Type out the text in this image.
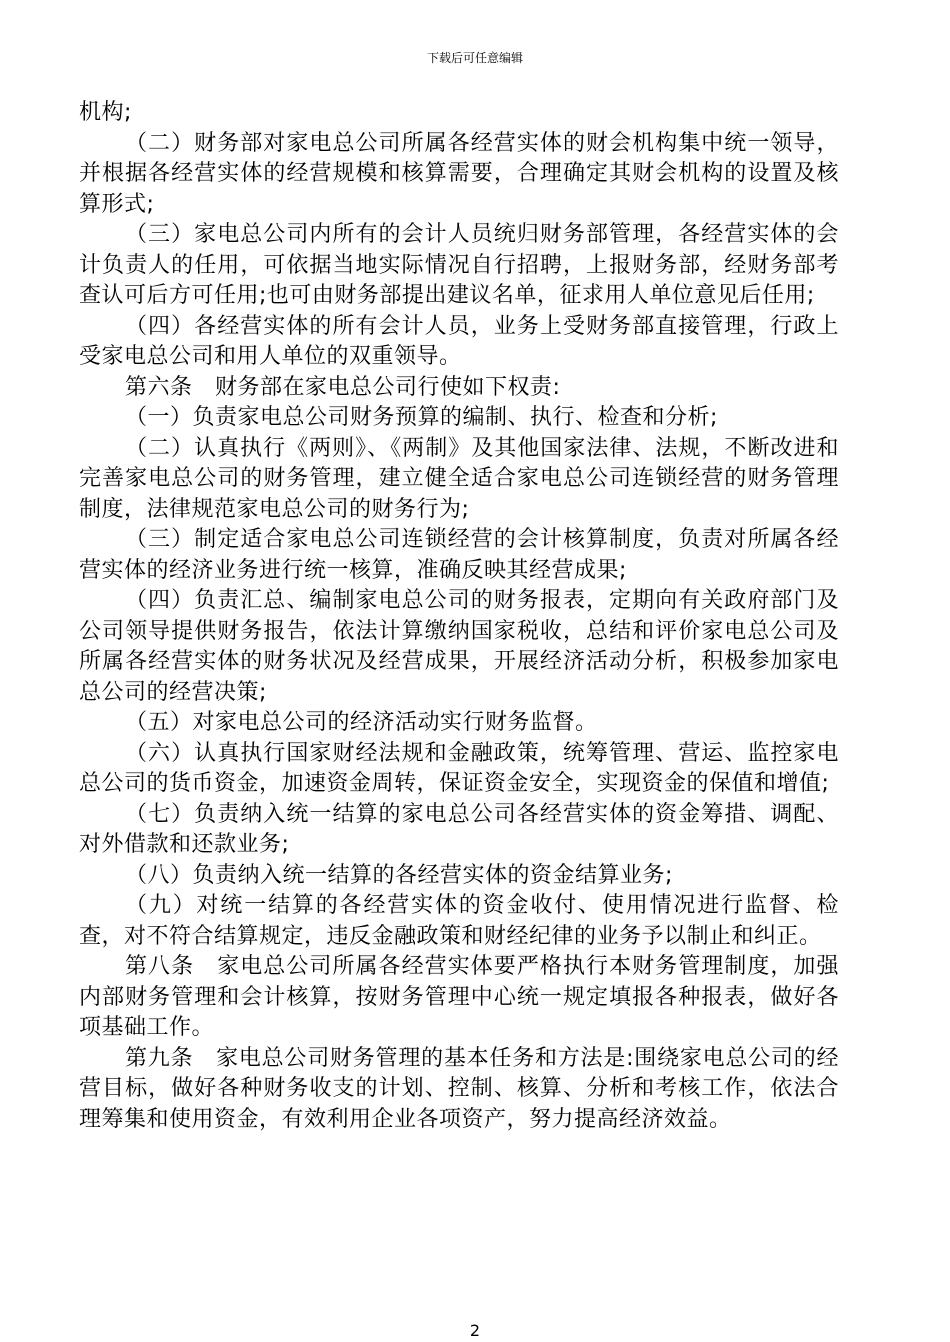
下载后可任意编辑

机构;

（二）财务部对家电总公司所属各经营实体的财会机构集中统一领导，并根据各经营实体的经营规模和核算需要，合理确定其财会机构的设置及核算形式;

（三）家电总公司内所有的会计人员统归财务部管理，各经营实体的会计负责人的任用，可依据当地实际情况自行招聘，上报财务部，经财务部考查认可后方可任用;也可由财务部提出建议名单，征求用人单位意见后任用;

（四）各经营实体的所有会计人员，业务上受财务部直接管理，行政上受家电总公司和用人单位的双重领导。

第六条　财务部在家电总公司行使如下权责:

（一）负责家电总公司财务预算的编制、执行、检查和分析;

（二）认真执行《两则》、《两制》及其他国家法律、法规，不断改进和完善家电总公司的财务管理，建立健全适合家电总公司连锁经营的财务管理制度，法律规范家电总公司的财务行为;

（三）制定适合家电总公司连锁经营的会计核算制度，负责对所属各经营实体的经济业务进行统一核算，准确反映其经营成果;

（四）负责汇总、编制家电总公司的财务报表，定期向有关政府部门及公司领导提供财务报告，依法计算缴纳国家税收，总结和评价家电总公司及所属各经营实体的财务状况及经营成果，开展经济活动分析，积极参加家电总公司的经营决策;

（五）对家电总公司的经济活动实行财务监督。

（六）认真执行国家财经法规和金融政策，统筹管理、营运、监控家电总公司的货币资金，加速资金周转，保证资金安全，实现资金的保值和增值;

（七）负责纳入统一结算的家电总公司各经营实体的资金筹措、调配、对外借款和还款业务;

（八）负责纳入统一结算的各经营实体的资金结算业务;

（九）对统一结算的各经营实体的资金收付、使用情况进行监督、检查，对不符合结算规定，违反金融政策和财经纪律的业务予以制止和纠正。

第八条　家电总公司所属各经营实体要严格执行本财务管理制度，加强内部财务管理和会计核算，按财务管理中心统一规定填报各种报表，做好各项基础工作。

第九条　家电总公司财务管理的基本任务和方法是:围绕家电总公司的经营目标，做好各种财务收支的计划、控制、核算、分析和考核工作，依法合理筹集和使用资金，有效利用企业各项资产，努力提高经济效益。

2
